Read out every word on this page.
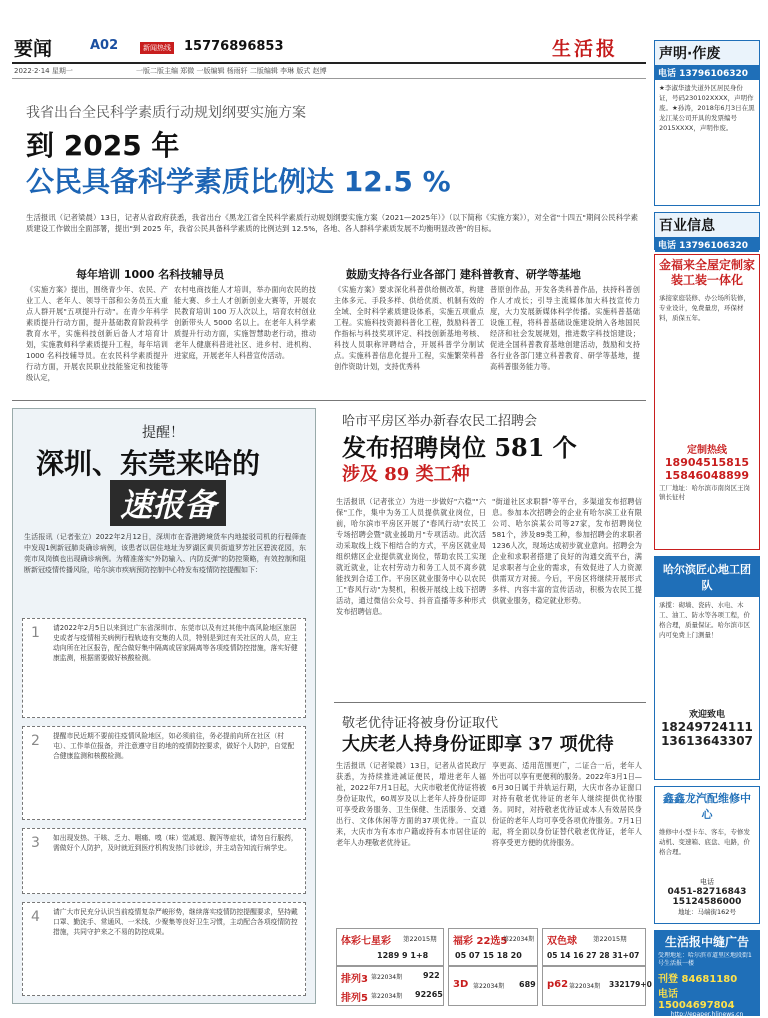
要闻	A02	新闻热线 15776896853	生活报
2022·2·14 星期一	一版二版主编 郑微 一版编辑 杨雨轩 二版编辑 李琳 版式 赵博
我省出台全民科学素质行动规划纲要实施方案
到 2025 年
公民具备科学素质比例达 12.5 %
生活报讯（记者梁晨）13日，记者从省政府获悉，我省出台《黑龙江省全民科学素质行动规划纲要实施方案（2021—2025年）》（以下简称《实施方案》），对全省"十四五"期间公民科学素质建设工作做出全面部署，提出"到 2025 年，我省公民具备科学素质的比例达到 12.5%，各地、各人群科学素质发展不均衡明显改善"的目标。
每年培训 1000 名科技辅导员
《实施方案》提出，围绕青少年、农民、产业工人、老年人、领导干部和公务员五大重点人群开展"五项提升行动"。在青少年科学素质提升行动方面，提升基础教育阶段科学教育水平，实施科技创新后备人才培育计划，实施教师科学素质提升工程，每年培训 1000 名科技辅导员。在农民科学素质提升行动方面，开展农民职业技能鉴定和技能等级认定，
农村电商技能人才培训，举办面向农民的技能大赛、乡土人才创新创业大赛等，开展农民教育培训 100 万人次以上，培育农村创业创新带头人 5000 名以上。在老年人科学素质提升行动方面，实施智慧助老行动，推动老年人健康科普进社区、进乡村、进机构、进家庭，开展老年人科普宣传活动。
鼓励支持各行业各部门 建科普教育、研学等基地
《实施方案》要求深化科普供给侧改革，构建主体多元、手段多样、供给优质、机制有效的全域、全时科学素质建设体系，实施五项重点工程。实施科技资源科普化工程，鼓励科普工作指标与科技奖项评定、科技创新基地考核、科技人员职称评聘结合，开展科普学分制试点。实施科普信息化提升工程，实施繁荣科普创作资助计划，支持优秀科
普原创作品，开发各类科普作品，扶持科普创作人才成长；引导主流媒体加大科技宣传力度，大力发展新媒体科学传播。实施科普基础设施工程，将科普基础设施建设纳入各地国民经济和社会发展规划，推进数字科技馆建设；促进全国科普教育基地创建活动，鼓励和支持各行业各部门建立科普教育、研学等基地，提高科普服务能力等。
提醒！
深圳、东莞来哈的
速报备
生活报讯（记者张立）2022年2月12日，深圳市在香港跨境货车内地接驳司机的行程筛查中发现1例新冠肺炎确诊病例，该患者以居住地址为罗湖区黄贝街道罗芳社区碧波花园，东莞市凤岗镇也出现确诊病例。为精准落实"外防输入、内防反弹"的防控策略，有效控制和阻断新冠疫情传播风险，哈尔滨市疾病预防控制中心特发布疫情防控提醒如下：
1 请2022年2月5日以来到过广东省深圳市、东莞市以及有过其他中高风险地区旅居史或者与疫情相关病例行程轨迹有交集的人员，特别是到过有关社区的人员，应主动向所在社区报告，配合做好集中隔离或居家隔离等各项疫情防控措施，落实好健康监测，根据需要做好核酸检测。
2 提醒市民近期不要前往疫情风险地区，如必须前往，务必提前向所在社区（村屯）、工作单位报备，并注意遵守目的地的疫情防控要求，做好个人防护，自觉配合健康监测和核酸检测。
3 如出现发热、干咳、乏力、咽痛、嗅（味）觉减退、腹泻等症状，请勿自行服药，需做好个人防护，及时就近到医疗机构发热门诊就诊，并主动告知流行病学史。
4 请广大市民充分认识当前疫情复杂严峻形势，继续落实疫情防控提醒要求，坚持戴口罩、勤洗手、常通风、一米线、少聚集等良好卫生习惯，主动配合各项疫情防控措施，共同守护来之不易的防控成果。
哈市平房区举办新春农民工招聘会
发布招聘岗位 581 个
涉及 89 类工种
生活报讯（记者张立）为进一步做好"六稳""六保"工作，集中为务工人员提供就业岗位，日前，哈尔滨市平房区开展了"春风行动"农民工专场招聘会暨"就业援助月"专项活动。此次活动采取线上线下相结合的方式，平房区就业局组织辖区企业提供就业岗位，帮助农民工实现就近就业，让农村劳动力和务工人员不离乡就能找到合适工作。平房区就业服务中心以农民工"春风行动"为契机，积极开展线上线下招聘活动，通过微信公众号、抖音直播等多种形式发布招聘信息。
"街道社区求职群"等平台，多渠道发布招聘信息。参加本次招聘会的企业有哈尔滨工业有限公司、哈尔滨某公司等27家，发布招聘岗位581个，涉及89类工种，参加招聘会的求职者1236人次，现场达成初步就业意向。招聘会为企业和求职者搭建了良好的沟通交流平台，满足求职者与企业的需求，有效促进了人力资源供需双方对接。今后，平房区将继续开展形式多样、内容丰富的宣传活动，积极为农民工提供就业服务，稳定就业形势。
敬老优待证将被身份证取代
大庆老人持身份证即享 37 项优待
生活报讯（记者梁晨）13日，记者从省民政厅获悉，为持续推进减证便民，增进老年人福祉，2022年7月1日起，大庆市敬老优待证将被身份证取代，60周岁及以上老年人持身份证即可享受政务服务、卫生保健、生活服务、交通出行、文体休闲等方面的37项优待。一直以来，大庆市为有本市户籍或持有本市居住证的老年人办理敬老优待证。
享更高、适用范围更广，二证合一后，老年人外出可以享有更便利的服务。2022年3月1日—6月30日属于并轨运行期，大庆市各办证窗口对持有敬老优待证的老年人继续提供优待服务。同时，对持敬老优待证或本人有效居民身份证的老年人均可享受各项优待服务。7月1日起，将全面以身份证替代敬老优待证，老年人将享受更方便的优待服务。
体彩七星彩 第22015期
1289 9 1+8
福彩 22选5
第22034期
05 07 15 18 20
双色球 第22015期
05 14 16 27 28 31+07
排列3 第22034期	922
排列5 第22034期 92265
3D 第22034期 689 p62 第22034期 332179+0
声明·作废
电话 13796106320
★李淑华遗失道外区居民身份证，号码230102XXXX，声明作废。★孙涛，2018年6月3日在黑龙江某公司开具的发票编号2015XXXX，声明作废。
百业信息
电话 13796106320
金福来全屋定制家装工装一体化
承接家庭装修、办公场所装修，专业设计，免费量房，环保材料，质保五年。
定制热线
18904515815
15846048899
工厂地址：哈尔滨市南岗区王岗镇长征村
哈尔滨匠心地工团队
承揽：砌墙、瓷砖、水电、木工、油工、防水等各项工程，价格合理，质量保证。哈尔滨市区内可免费上门测量！
欢迎致电
18249724111
13613643307
鑫鑫龙汽配维修中心
维修中小型卡车、客车，专修发动机、变速箱、底盘、电路，价格合理。
电话
0451-82716843
15124586000
地址：马端街162号
生活报中缝广告
受理地址：哈尔滨市道里区地段街1号生活报一楼
刊登 84681180
电话 15004697804
http://epaper.hljnews.cn
